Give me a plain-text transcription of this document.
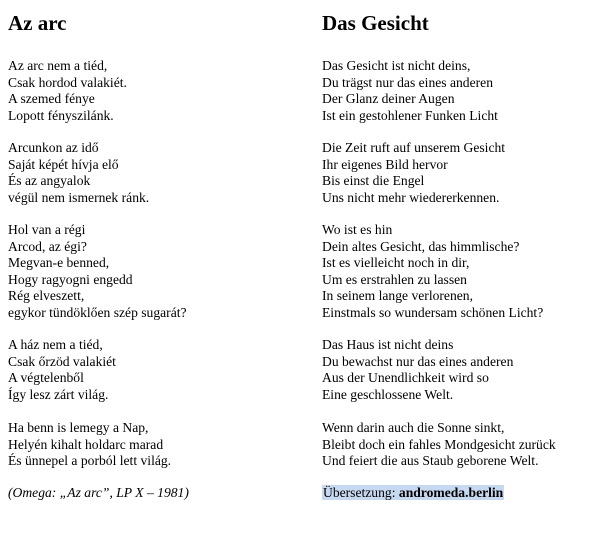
Az arc
Az arc nem a tiéd,
Csak hordod valakiét.
A szemed fénye
Lopott fényszilánk.
Arcunkon az idő
Saját képét hívja elő
És az angyalok
végül nem ismernek ránk.
Hol van a régi
Arcod, az égi?
Megvan-e benned,
Hogy ragyogni engedd
Rég elveszett,
egykor tündöklően szép sugarát?
A ház nem a tiéd,
Csak őrzöd valakiét
A végtelenből
Így lesz zárt világ.
Ha benn is lemegy a Nap,
Helyén kihalt holdarc marad
És ünnepel a porból lett világ.
(Omega: „Az arc”, LP X – 1981)
Das Gesicht
Das Gesicht ist nicht deins,
Du trägst nur das eines anderen
Der Glanz deiner Augen
Ist ein gestohlener Funken Licht
Die Zeit ruft auf unserem Gesicht
Ihr eigenes Bild hervor
Bis einst die Engel
Uns nicht mehr wiedererkennen.
Wo ist es hin
Dein altes Gesicht, das himmlische?
Ist es vielleicht noch in dir,
Um es erstrahlen zu lassen
In seinem lange verlorenen,
Einstmals so wundersam schönen Licht?
Das Haus ist nicht deins
Du bewachst nur das eines anderen
Aus der Unendlichkeit wird so
Eine geschlossene Welt.
Wenn darin auch die Sonne sinkt,
Bleibt doch ein fahles Mondgesicht zurück
Und feiert die aus Staub geborene Welt.
Übersetzung: andromeda.berlin
